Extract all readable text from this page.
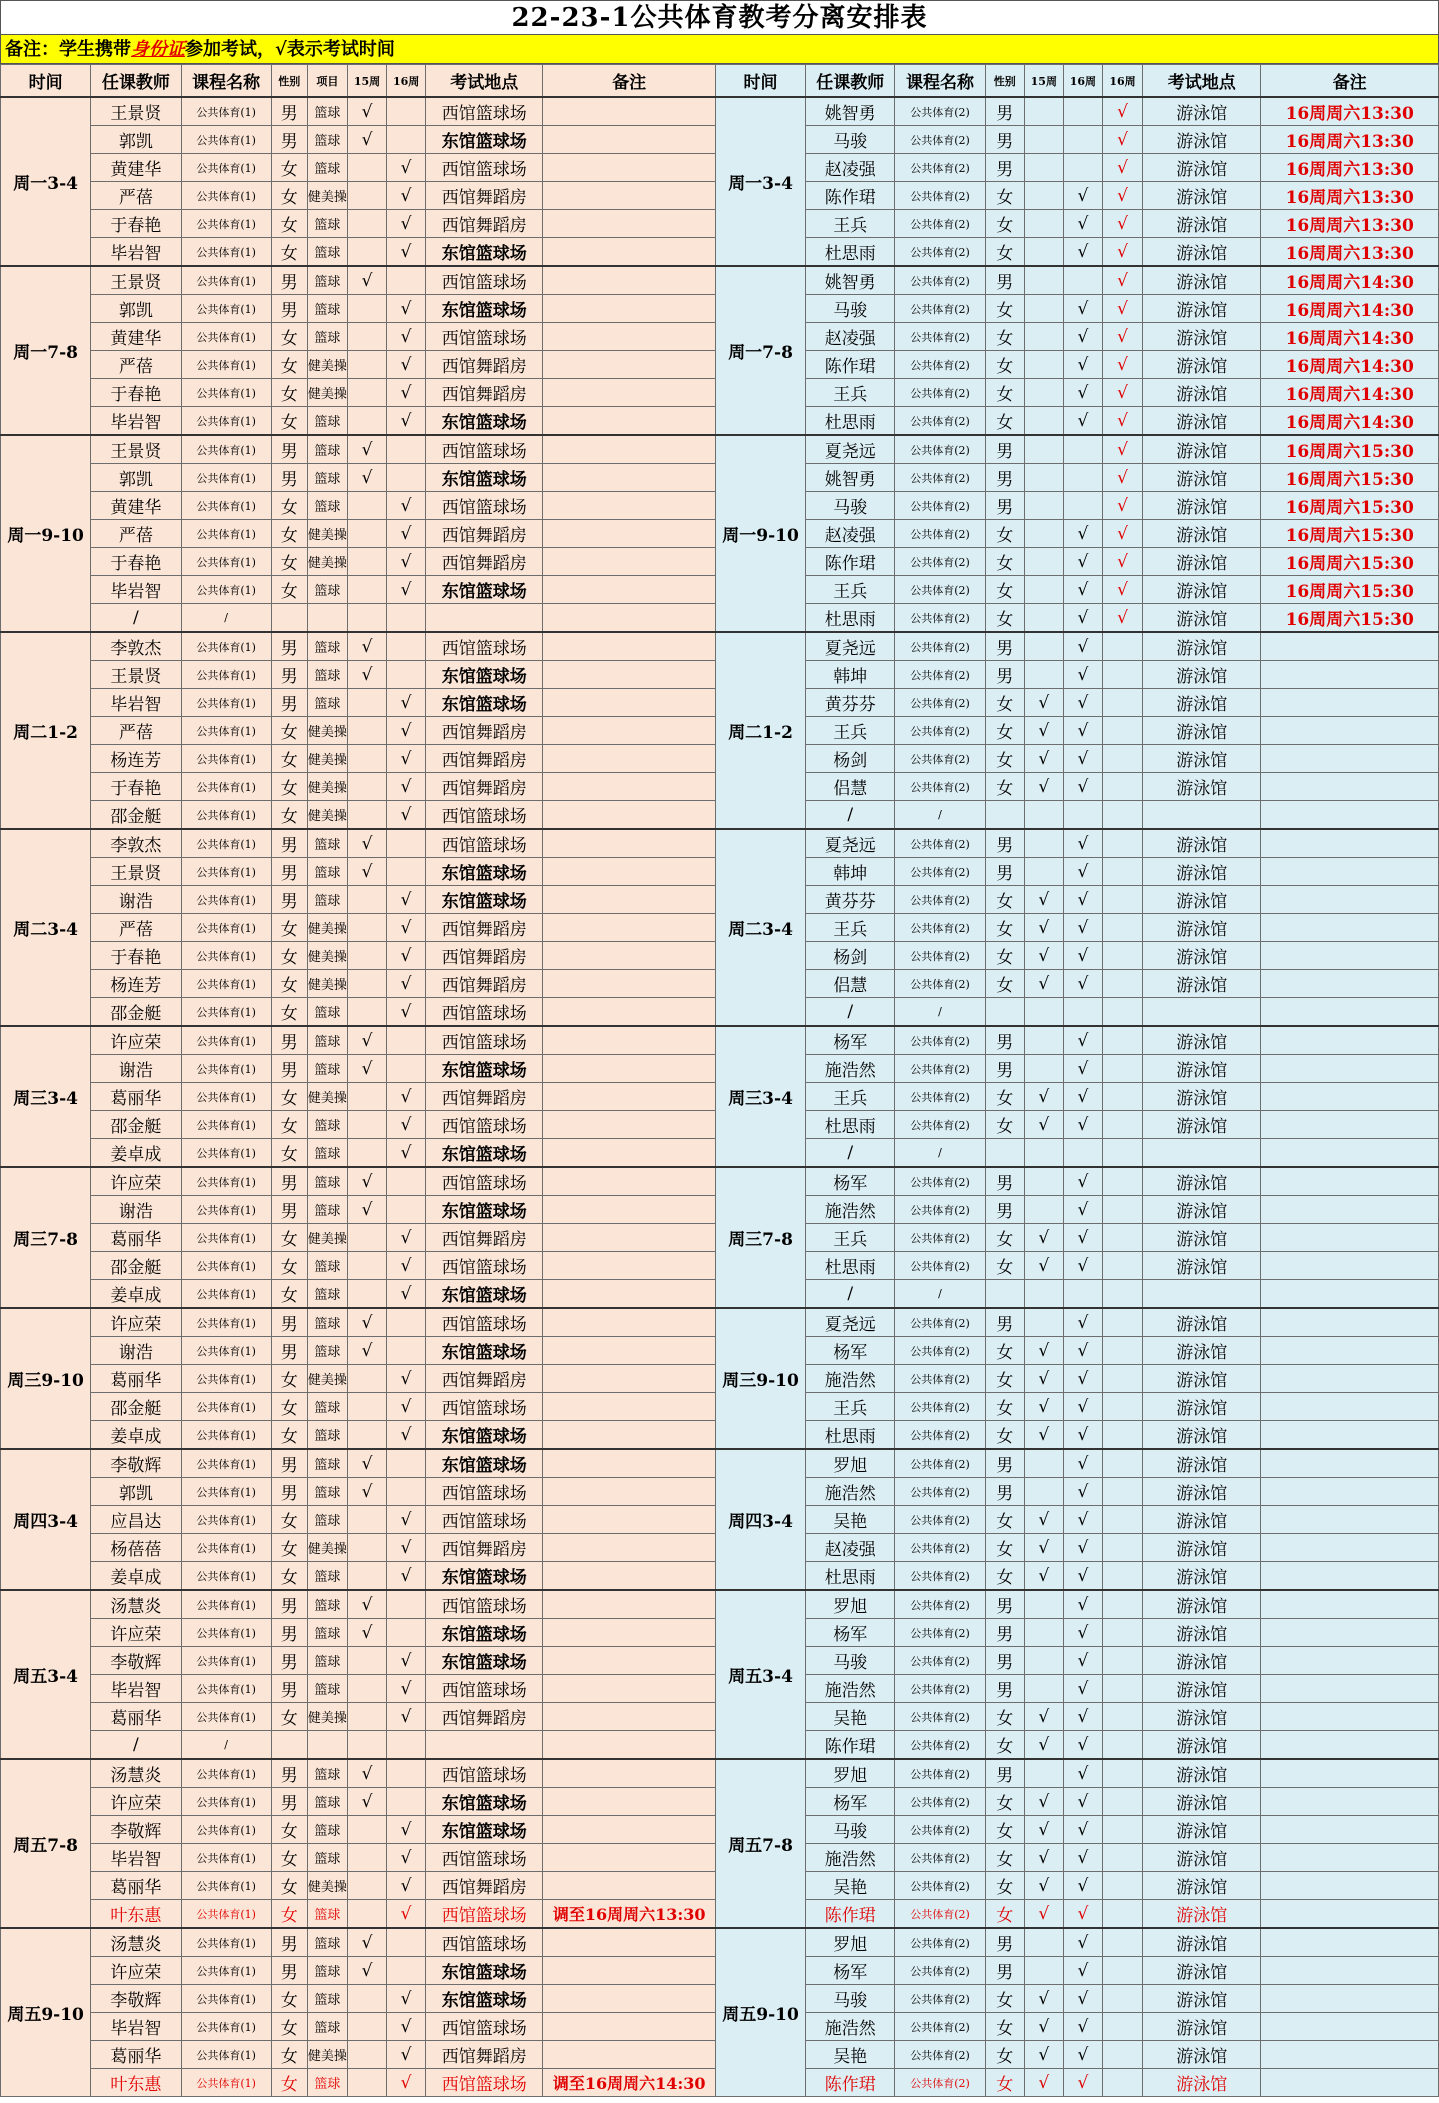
22-23-1公共体育教考分离安排表
备注：学生携带身份证参加考试，√表示考试时间
时间	任课教师	课程名称	性别	项目	15周	16周	考试地点	备注	时间	任课教师	课程名称	性别	15周	16周	16周	考试地点	备注
周一3-4	王景贤	公共体育(1)	男	篮球	√		西馆篮球场		周一3-4	姚智勇	公共体育(2)	男			√	游泳馆	16周周六13:30
	郭凯	公共体育(1)	男	篮球	√		东馆篮球场			马骏	公共体育(2)	男			√	游泳馆	16周周六13:30
	黄建华	公共体育(1)	女	篮球		√	西馆篮球场			赵凌强	公共体育(2)	男			√	游泳馆	16周周六13:30
	严蓓	公共体育(1)	女	健美操		√	西馆舞蹈房			陈作珺	公共体育(2)	女		√	√	游泳馆	16周周六13:30
	于春艳	公共体育(1)	女	篮球		√	西馆舞蹈房			王兵	公共体育(2)	女		√	√	游泳馆	16周周六13:30
	毕岩智	公共体育(1)	女	篮球		√	东馆篮球场			杜思雨	公共体育(2)	女		√	√	游泳馆	16周周六13:30
周一7-8	王景贤	公共体育(1)	男	篮球	√		西馆篮球场		周一7-8	姚智勇	公共体育(2)	男			√	游泳馆	16周周六14:30
	郭凯	公共体育(1)	男	篮球		√	东馆篮球场			马骏	公共体育(2)	女		√	√	游泳馆	16周周六14:30
	黄建华	公共体育(1)	女	篮球		√	西馆篮球场			赵凌强	公共体育(2)	女		√	√	游泳馆	16周周六14:30
	严蓓	公共体育(1)	女	健美操		√	西馆舞蹈房			陈作珺	公共体育(2)	女		√	√	游泳馆	16周周六14:30
	于春艳	公共体育(1)	女	健美操		√	西馆舞蹈房			王兵	公共体育(2)	女		√	√	游泳馆	16周周六14:30
	毕岩智	公共体育(1)	女	篮球		√	东馆篮球场			杜思雨	公共体育(2)	女		√	√	游泳馆	16周周六14:30
周一9-10	王景贤	公共体育(1)	男	篮球	√		西馆篮球场		周一9-10	夏尧远	公共体育(2)	男			√	游泳馆	16周周六15:30
	郭凯	公共体育(1)	男	篮球	√		东馆篮球场			姚智勇	公共体育(2)	男			√	游泳馆	16周周六15:30
	黄建华	公共体育(1)	女	篮球		√	西馆篮球场			马骏	公共体育(2)	男			√	游泳馆	16周周六15:30
	严蓓	公共体育(1)	女	健美操		√	西馆舞蹈房			赵凌强	公共体育(2)	女		√	√	游泳馆	16周周六15:30
	于春艳	公共体育(1)	女	健美操		√	西馆舞蹈房			陈作珺	公共体育(2)	女		√	√	游泳馆	16周周六15:30
	毕岩智	公共体育(1)	女	篮球		√	东馆篮球场			王兵	公共体育(2)	女		√	√	游泳馆	16周周六15:30
	/	/								杜思雨	公共体育(2)	女		√	√	游泳馆	16周周六15:30
周二1-2	李敦杰	公共体育(1)	男	篮球	√		西馆篮球场		周二1-2	夏尧远	公共体育(2)	男		√		游泳馆	
	王景贤	公共体育(1)	男	篮球	√		东馆篮球场			韩坤	公共体育(2)	男		√		游泳馆	
	毕岩智	公共体育(1)	男	篮球		√	东馆篮球场			黄芬芬	公共体育(2)	女	√	√		游泳馆	
	严蓓	公共体育(1)	女	健美操		√	西馆舞蹈房			王兵	公共体育(2)	女	√	√		游泳馆	
	杨连芳	公共体育(1)	女	健美操		√	西馆舞蹈房			杨剑	公共体育(2)	女	√	√		游泳馆	
	于春艳	公共体育(1)	女	健美操		√	西馆舞蹈房			侣慧	公共体育(2)	女	√	√		游泳馆	
	邵金艇	公共体育(1)	女	健美操		√	西馆篮球场			/	/						
周二3-4	李敦杰	公共体育(1)	男	篮球	√		西馆篮球场		周二3-4	夏尧远	公共体育(2)	男		√		游泳馆	
	王景贤	公共体育(1)	男	篮球	√		东馆篮球场			韩坤	公共体育(2)	男		√		游泳馆	
	谢浩	公共体育(1)	男	篮球		√	东馆篮球场			黄芬芬	公共体育(2)	女	√	√		游泳馆	
	严蓓	公共体育(1)	女	健美操		√	西馆舞蹈房			王兵	公共体育(2)	女	√	√		游泳馆	
	于春艳	公共体育(1)	女	健美操		√	西馆舞蹈房			杨剑	公共体育(2)	女	√	√		游泳馆	
	杨连芳	公共体育(1)	女	健美操		√	西馆舞蹈房			侣慧	公共体育(2)	女	√	√		游泳馆	
	邵金艇	公共体育(1)	女	篮球		√	西馆篮球场			/	/						
周三3-4	许应荣	公共体育(1)	男	篮球	√		西馆篮球场		周三3-4	杨军	公共体育(2)	男		√		游泳馆	
	谢浩	公共体育(1)	男	篮球	√		东馆篮球场			施浩然	公共体育(2)	男		√		游泳馆	
	葛丽华	公共体育(1)	女	健美操		√	西馆舞蹈房			王兵	公共体育(2)	女	√	√		游泳馆	
	邵金艇	公共体育(1)	女	篮球		√	西馆篮球场			杜思雨	公共体育(2)	女	√	√		游泳馆	
	姜卓成	公共体育(1)	女	篮球		√	东馆篮球场			/	/						
周三7-8	许应荣	公共体育(1)	男	篮球	√		西馆篮球场		周三7-8	杨军	公共体育(2)	男		√		游泳馆	
	谢浩	公共体育(1)	男	篮球	√		东馆篮球场			施浩然	公共体育(2)	男		√		游泳馆	
	葛丽华	公共体育(1)	女	健美操		√	西馆舞蹈房			王兵	公共体育(2)	女	√	√		游泳馆	
	邵金艇	公共体育(1)	女	篮球		√	西馆篮球场			杜思雨	公共体育(2)	女	√	√		游泳馆	
	姜卓成	公共体育(1)	女	篮球		√	东馆篮球场			/	/						
周三9-10	许应荣	公共体育(1)	男	篮球	√		西馆篮球场		周三9-10	夏尧远	公共体育(2)	男		√		游泳馆	
	谢浩	公共体育(1)	男	篮球	√		东馆篮球场			杨军	公共体育(2)	女	√	√		游泳馆	
	葛丽华	公共体育(1)	女	健美操		√	西馆舞蹈房			施浩然	公共体育(2)	女	√	√		游泳馆	
	邵金艇	公共体育(1)	女	篮球		√	西馆篮球场			王兵	公共体育(2)	女	√	√		游泳馆	
	姜卓成	公共体育(1)	女	篮球		√	东馆篮球场			杜思雨	公共体育(2)	女	√	√		游泳馆	
周四3-4	李敬辉	公共体育(1)	男	篮球	√		东馆篮球场		周四3-4	罗旭	公共体育(2)	男		√		游泳馆	
	郭凯	公共体育(1)	男	篮球	√		西馆篮球场			施浩然	公共体育(2)	男		√		游泳馆	
	应昌达	公共体育(1)	女	篮球		√	西馆篮球场			吴艳	公共体育(2)	女	√	√		游泳馆	
	杨蓓蓓	公共体育(1)	女	健美操		√	西馆舞蹈房			赵凌强	公共体育(2)	女	√	√		游泳馆	
	姜卓成	公共体育(1)	女	篮球		√	东馆篮球场			杜思雨	公共体育(2)	女	√	√		游泳馆	
周五3-4	汤慧炎	公共体育(1)	男	篮球	√		西馆篮球场		周五3-4	罗旭	公共体育(2)	男		√		游泳馆	
	许应荣	公共体育(1)	男	篮球	√		东馆篮球场			杨军	公共体育(2)	男		√		游泳馆	
	李敬辉	公共体育(1)	男	篮球		√	东馆篮球场			马骏	公共体育(2)	男		√		游泳馆	
	毕岩智	公共体育(1)	男	篮球		√	西馆篮球场			施浩然	公共体育(2)	男		√		游泳馆	
	葛丽华	公共体育(1)	女	健美操		√	西馆舞蹈房			吴艳	公共体育(2)	女	√	√		游泳馆	
	/	/								陈作珺	公共体育(2)	女	√	√		游泳馆	
周五7-8	汤慧炎	公共体育(1)	男	篮球	√		西馆篮球场		周五7-8	罗旭	公共体育(2)	男		√		游泳馆	
	许应荣	公共体育(1)	男	篮球	√		东馆篮球场			杨军	公共体育(2)	女	√	√		游泳馆	
	李敬辉	公共体育(1)	女	篮球		√	东馆篮球场			马骏	公共体育(2)	女	√	√		游泳馆	
	毕岩智	公共体育(1)	女	篮球		√	西馆篮球场			施浩然	公共体育(2)	女	√	√		游泳馆	
	葛丽华	公共体育(1)	女	健美操		√	西馆舞蹈房			吴艳	公共体育(2)	女	√	√		游泳馆	
	叶东惠	公共体育(1)	女	篮球		√	西馆篮球场	调至16周周六13:30		陈作珺	公共体育(2)	女	√	√		游泳馆	
周五9-10	汤慧炎	公共体育(1)	男	篮球	√		西馆篮球场		周五9-10	罗旭	公共体育(2)	男		√		游泳馆	
	许应荣	公共体育(1)	男	篮球	√		东馆篮球场			杨军	公共体育(2)	男		√		游泳馆	
	李敬辉	公共体育(1)	女	篮球		√	东馆篮球场			马骏	公共体育(2)	女	√	√		游泳馆	
	毕岩智	公共体育(1)	女	篮球		√	西馆篮球场			施浩然	公共体育(2)	女	√	√		游泳馆	
	葛丽华	公共体育(1)	女	健美操		√	西馆舞蹈房			吴艳	公共体育(2)	女	√	√		游泳馆	
	叶东惠	公共体育(1)	女	篮球		√	西馆篮球场	调至16周周六14:30		陈作珺	公共体育(2)	女	√	√		游泳馆	
